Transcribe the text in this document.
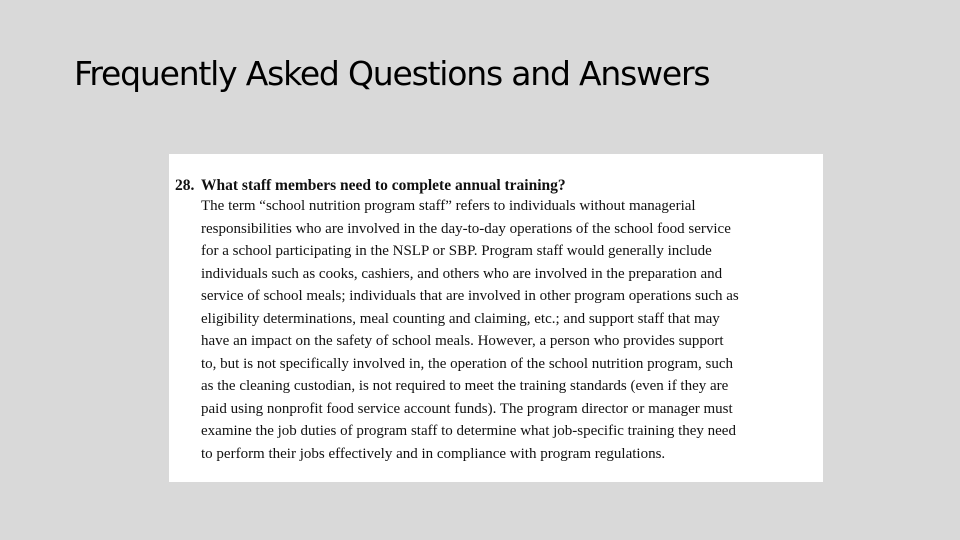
Frequently Asked Questions and Answers
28. What staff members need to complete annual training?
The term “school nutrition program staff” refers to individuals without managerial
responsibilities who are involved in the day-to-day operations of the school food service
for a school participating in the NSLP or SBP. Program staff would generally include
individuals such as cooks, cashiers, and others who are involved in the preparation and
service of school meals; individuals that are involved in other program operations such as
eligibility determinations, meal counting and claiming, etc.; and support staff that may
have an impact on the safety of school meals. However, a person who provides support
to, but is not specifically involved in, the operation of the school nutrition program, such
as the cleaning custodian, is not required to meet the training standards (even if they are
paid using nonprofit food service account funds). The program director or manager must
examine the job duties of program staff to determine what job-specific training they need
to perform their jobs effectively and in compliance with program regulations.
